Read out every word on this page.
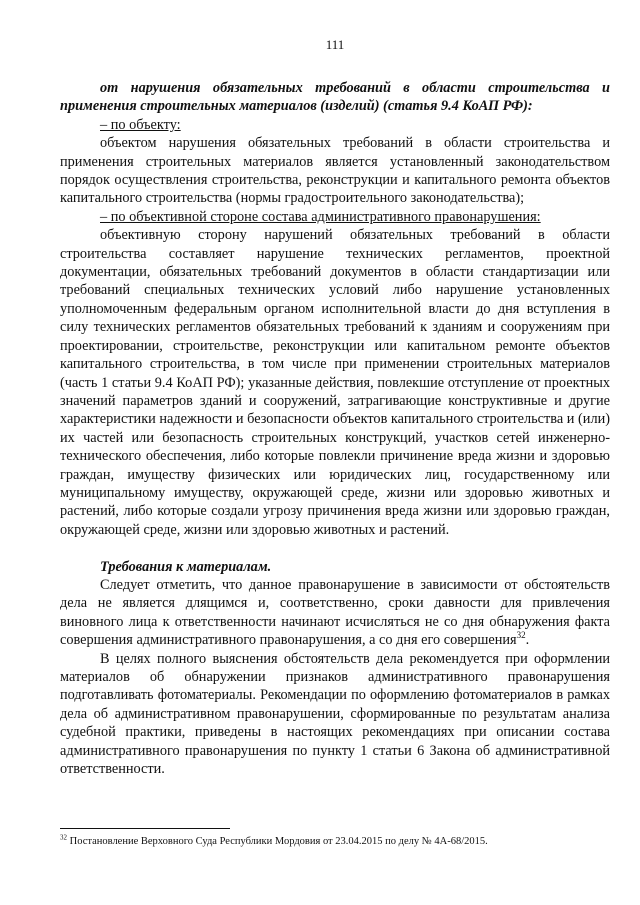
111

от нарушения обязательных требований в области строительства и применения строительных материалов (изделий) (статья 9.4 КоАП РФ):

– по объекту:

объектом нарушения обязательных требований в области строительства и применения строительных материалов является установленный законодательством порядок осуществления строительства, реконструкции и капитального ремонта объектов капитального строительства (нормы градостроительного законодательства);

– по объективной стороне состава административного правонарушения:

объективную сторону нарушений обязательных требований в области строительства составляет нарушение технических регламентов, проектной документации, обязательных требований документов в области стандартизации или требований специальных технических условий либо нарушение установленных уполномоченным федеральным органом исполнительной власти до дня вступления в силу технических регламентов обязательных требований к зданиям и сооружениям при проектировании, строительстве, реконструкции или капитальном ремонте объектов капитального строительства, в том числе при применении строительных материалов (часть 1 статьи 9.4 КоАП РФ); указанные действия, повлекшие отступление от проектных значений параметров зданий и сооружений, затрагивающие конструктивные и другие характеристики надежности и безопасности объектов капитального строительства и (или) их частей или безопасность строительных конструкций, участков сетей инженерно-технического обеспечения, либо которые повлекли причинение вреда жизни и здоровью граждан, имуществу физических или юридических лиц, государственному или муниципальному имуществу, окружающей среде, жизни или здоровью животных и растений, либо которые создали угрозу причинения вреда жизни или здоровью граждан, окружающей среде, жизни или здоровью животных и растений.

Требования к материалам.

Следует отметить, что данное правонарушение в зависимости от обстоятельств дела не является длящимся и, соответственно, сроки давности для привлечения виновного лица к ответственности начинают исчисляться не со дня обнаружения факта совершения административного правонарушения, а со дня его совершения$^{32}$.

В целях полного выяснения обстоятельств дела рекомендуется при оформлении материалов об обнаружении признаков административного правонарушения подготавливать фотоматериалы. Рекомендации по оформлению фотоматериалов в рамках дела об административном правонарушении, сформированные по результатам анализа судебной практики, приведены в настоящих рекомендациях при описании состава административного правонарушения по пункту 1 статьи 6 Закона об административной ответственности.

$^{32}$ Постановление Верховного Суда Республики Мордовия от 23.04.2015 по делу № 4А-68/2015.
